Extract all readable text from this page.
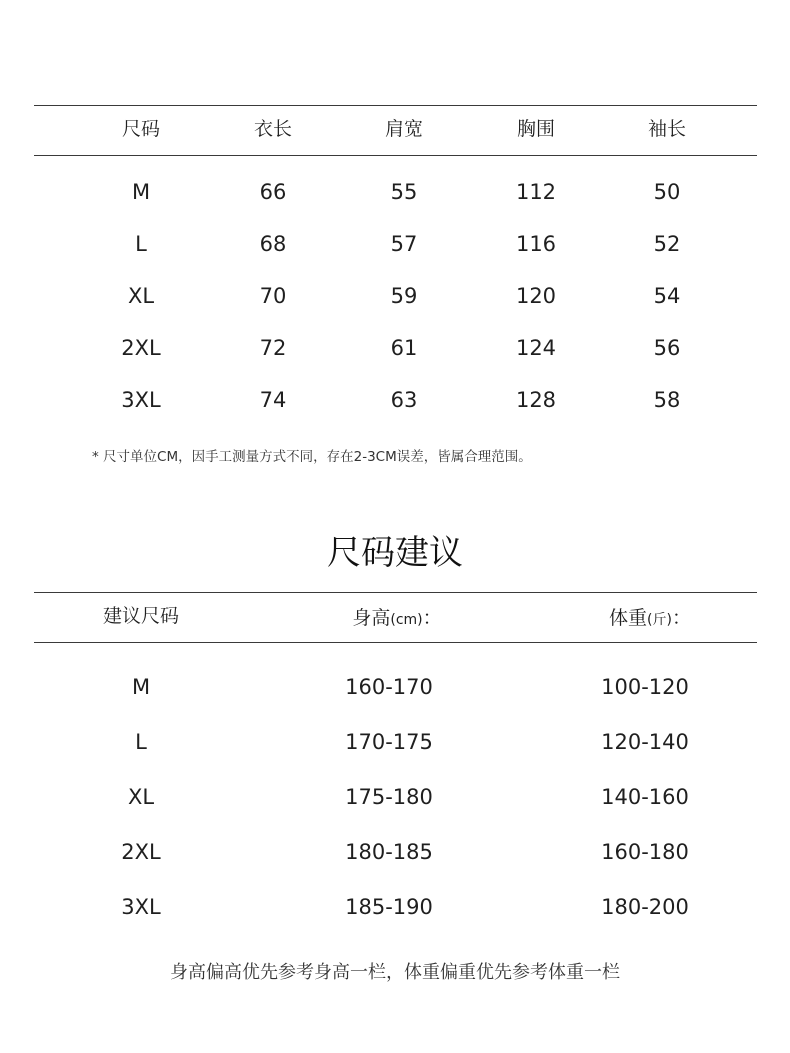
尺码	衣长	肩宽	胸围	袖长
M	66	55	112	50
L	68	57	116	52
XL	70	59	120	54
2XL	72	61	124	56
3XL	74	63	128	58
* 尺寸单位CM，因手工测量方式不同，存在2-3CM误差，皆属合理范围。
尺码建议
建议尺码	身高(cm)：	体重(斤)：
M	160-170	100-120
L	170-175	120-140
XL	175-180	140-160
2XL	180-185	160-180
3XL	185-190	180-200
身高偏高优先参考身高一栏，体重偏重优先参考体重一栏
